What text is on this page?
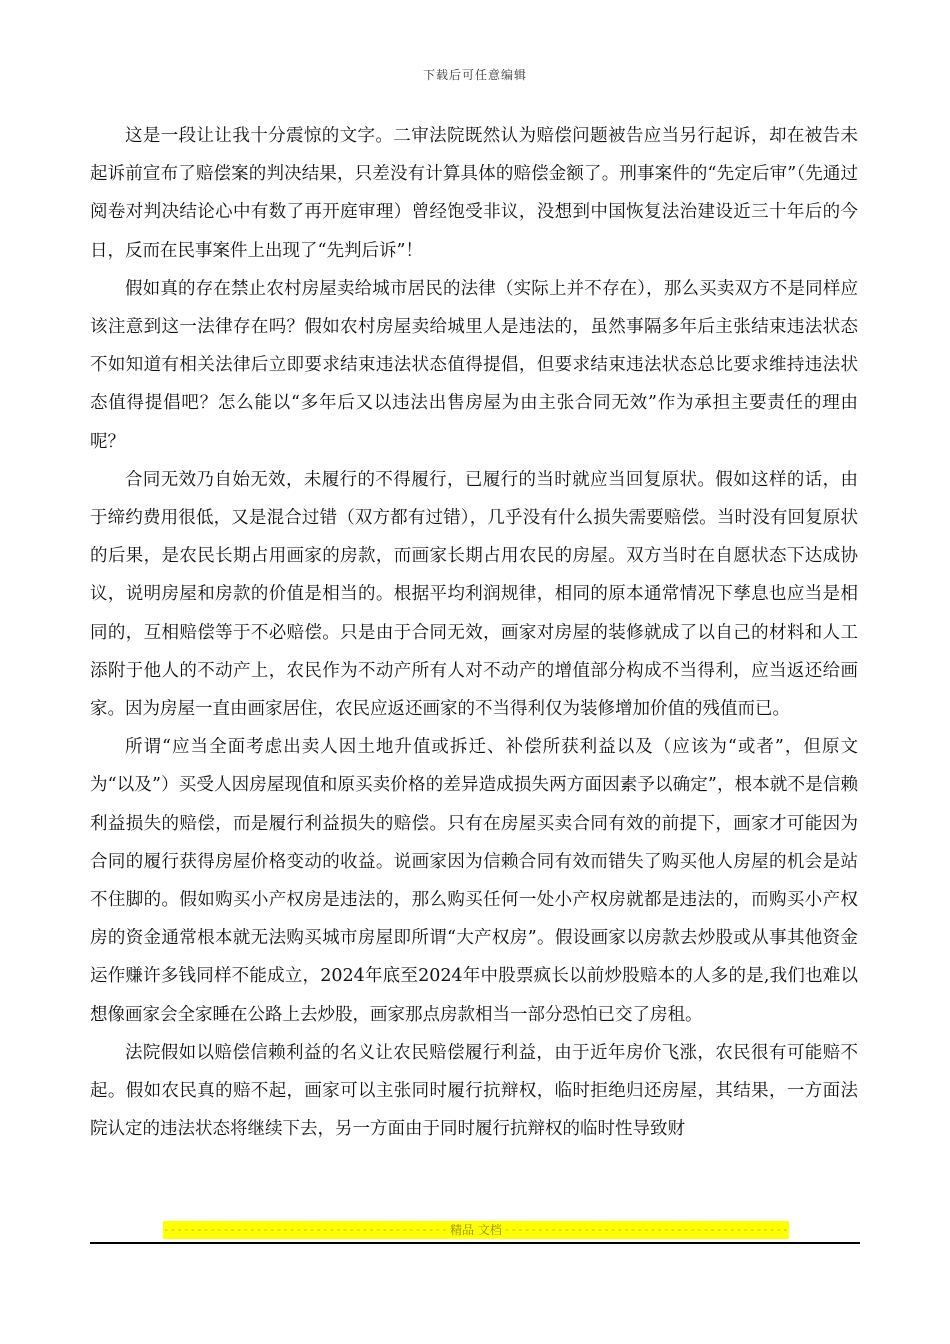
下载后可任意编辑

这是一段让让我十分震惊的文字。二审法院既然认为赔偿问题被告应当另行起诉，却在被告未起诉前宣布了赔偿案的判决结果，只差没有计算具体的赔偿金额了。刑事案件的“先定后审”（先通过阅卷对判决结论心中有数了再开庭审理）曾经饱受非议，没想到中国恢复法治建设近三十年后的今日，反而在民事案件上出现了“先判后诉”！

假如真的存在禁止农村房屋卖给城市居民的法律（实际上并不存在），那么买卖双方不是同样应该注意到这一法律存在吗？假如农村房屋卖给城里人是违法的，虽然事隔多年后主张结束违法状态不如知道有相关法律后立即要求结束违法状态值得提倡，但要求结束违法状态总比要求维持违法状态值得提倡吧？怎么能以“多年后又以违法出售房屋为由主张合同无效”作为承担主要责任的理由呢？

合同无效乃自始无效，未履行的不得履行，已履行的当时就应当回复原状。假如这样的话，由于缔约费用很低，又是混合过错（双方都有过错），几乎没有什么损失需要赔偿。当时没有回复原状的后果，是农民长期占用画家的房款，而画家长期占用农民的房屋。双方当时在自愿状态下达成协议，说明房屋和房款的价值是相当的。根据平均利润规律，相同的原本通常情况下孳息也应当是相同的，互相赔偿等于不必赔偿。只是由于合同无效，画家对房屋的装修就成了以自己的材料和人工添附于他人的不动产上，农民作为不动产所有人对不动产的增值部分构成不当得利，应当返还给画家。因为房屋一直由画家居住，农民应返还画家的不当得利仅为装修增加价值的残值而已。

所谓“应当全面考虑出卖人因土地升值或拆迁、补偿所获利益以及（应该为“或者”，但原文为“以及”）买受人因房屋现值和原买卖价格的差异造成损失两方面因素予以确定”，根本就不是信赖利益损失的赔偿，而是履行利益损失的赔偿。只有在房屋买卖合同有效的前提下，画家才可能因为合同的履行获得房屋价格变动的收益。说画家因为信赖合同有效而错失了购买他人房屋的机会是站不住脚的。假如购买小产权房是违法的，那么购买任何一处小产权房就都是违法的，而购买小产权房的资金通常根本就无法购买城市房屋即所谓“大产权房”。假设画家以房款去炒股或从事其他资金运作赚许多钱同样不能成立，2024年底至2024年中股票疯长以前炒股赔本的人多的是,我们也难以想像画家会全家睡在公路上去炒股，画家那点房款相当一部分恐怕已交了房租。

法院假如以赔偿信赖利益的名义让农民赔偿履行利益，由于近年房价飞涨，农民很有可能赔不起。假如农民真的赔不起，画家可以主张同时履行抗辩权，临时拒绝归还房屋，其结果，一方面法院认定的违法状态将继续下去，另一方面由于同时履行抗辩权的临时性导致财

-----
精品 文档
-----
